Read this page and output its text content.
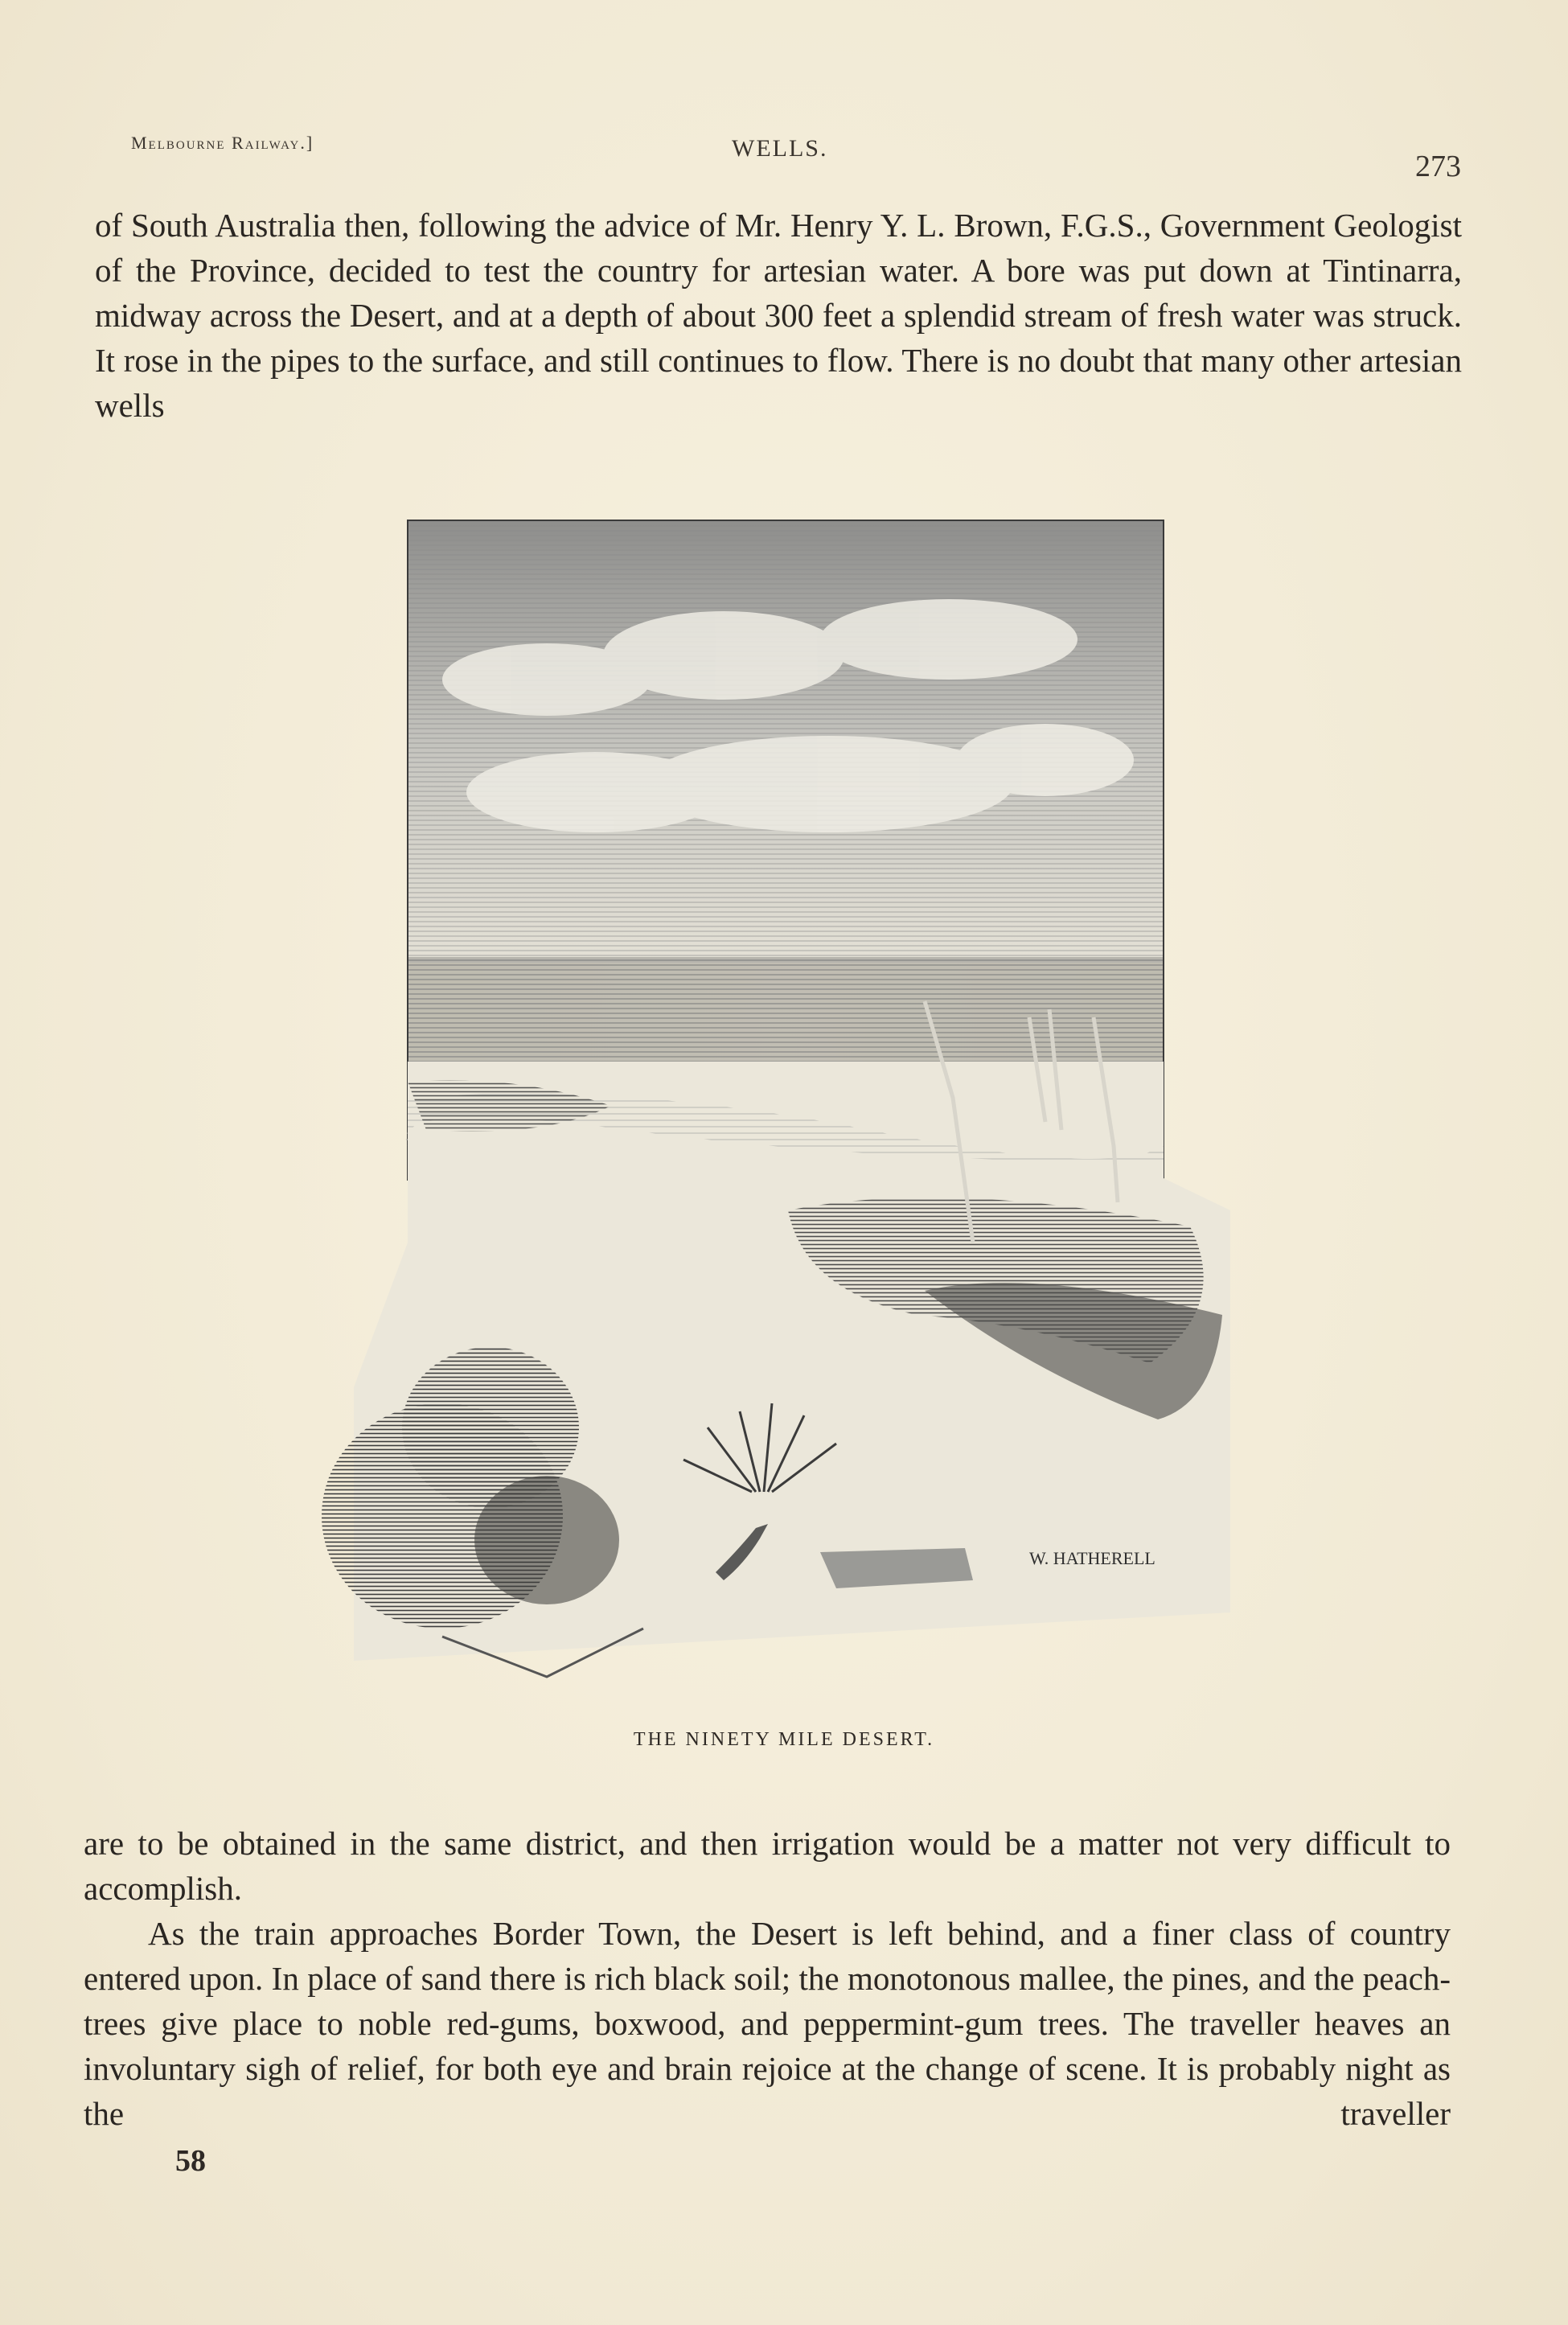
Melbourne Railway.]	WELLS.
273

of South Australia then, following the advice of Mr. Henry Y. L. Brown, F.G.S., Government Geologist of the Province, decided to test the country for artesian water. A bore was put down at Tintinarra, midway across the Desert, and at a depth of about 300 feet a splendid stream of fresh water was struck. It rose in the pipes to the surface, and still continues to flow. There is no doubt that many other artesian wells

W. HATHERELL
THE NINETY MILE DESERT.

are to be obtained in the same district, and then irrigation would be a matter not very difficult to accomplish.

As the train approaches Border Town, the Desert is left behind, and a finer class of country entered upon. In place of sand there is rich black soil; the monotonous mallee, the pines, and the peach-trees give place to noble red-gums, boxwood, and peppermint-gum trees. The traveller heaves an involuntary sigh of relief, for both eye and brain rejoice at the change of scene. It is probably night as the traveller

58
